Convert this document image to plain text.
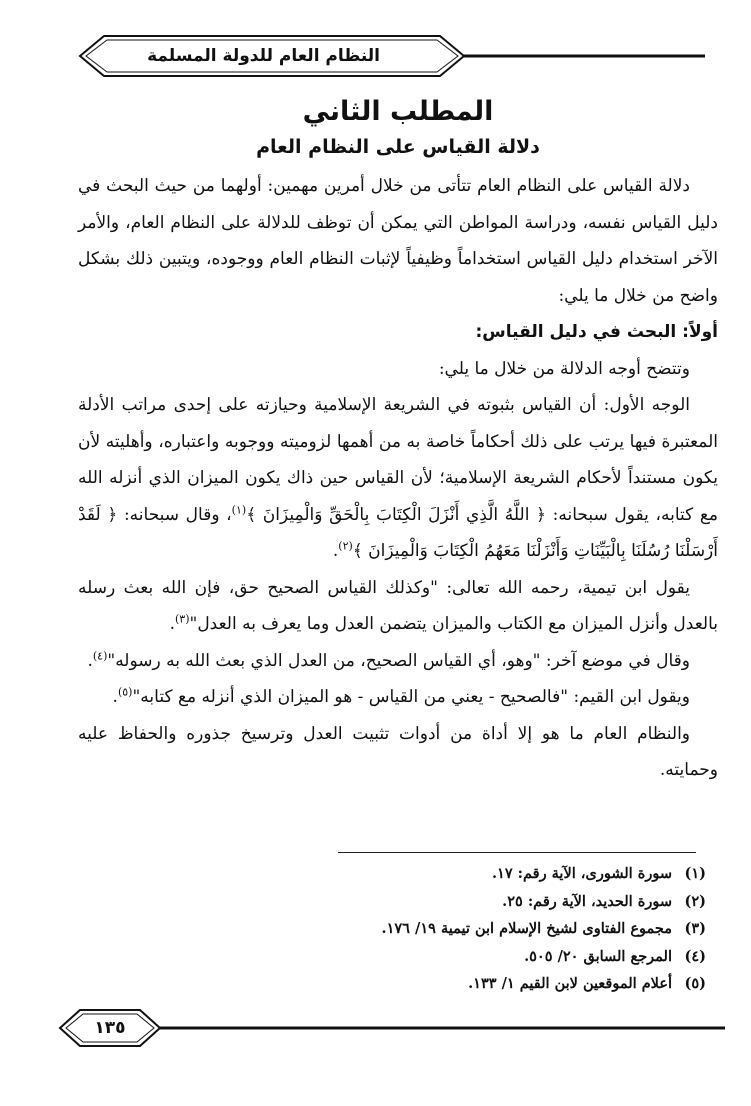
النظام العام للدولة المسلمة
المطلب الثاني
دلالة القياس على النظام العام

دلالة القياس على النظام العام تتأتى من خلال أمرين مهمين: أولهما من حيث البحث في دليل القياس نفسه، ودراسة المواطن التي يمكن أن توظف للدلالة على النظام العام، والأمر الآخر استخدام دليل القياس استخداماً وظيفياً لإثبات النظام العام ووجوده، ويتبين ذلك بشكل واضح من خلال ما يلي:

أولاً: البحث في دليل القياس:

وتتضح أوجه الدلالة من خلال ما يلي:

الوجه الأول: أن القياس بثبوته في الشريعة الإسلامية وحيازته على إحدى مراتب الأدلة المعتبرة فيها يرتب على ذلك أحكاماً خاصة به من أهمها لزوميته ووجوبه واعتباره، وأهليته لأن يكون مستنداً لأحكام الشريعة الإسلامية؛ لأن القياس حين ذاك يكون الميزان الذي أنزله الله مع كتابه، يقول سبحانه: ﴿ اللَّهُ الَّذِي أَنْزَلَ الْكِتَابَ بِالْحَقِّ وَالْمِيزَانَ ﴾$^{(١)}$، وقال سبحانه: ﴿ لَقَدْ أَرْسَلْنَا رُسُلَنَا بِالْبَيِّنَاتِ وَأَنْزَلْنَا مَعَهُمُ الْكِتَابَ وَالْمِيزَانَ ﴾$^{(٢)}$.

يقول ابن تيمية، رحمه الله تعالى: "وكذلك القياس الصحيح حق، فإن الله بعث رسله بالعدل وأنزل الميزان مع الكتاب والميزان يتضمن العدل وما يعرف به العدل"$^{(٣)}$.

وقال في موضع آخر: "وهو، أي القياس الصحيح، من العدل الذي بعث الله به رسوله"$^{(٤)}$.

ويقول ابن القيم: "فالصحيح - يعني من القياس - هو الميزان الذي أنزله مع كتابه"$^{(٥)}$.

والنظام العام ما هو إلا أداة من أدوات تثبيت العدل وترسيخ جذوره والحفاظ عليه وحمايته.

(١)
سورة الشورى، الآية رقم: ١٧.
(٢)
سورة الحديد، الآية رقم: ٢٥.
(٣)
مجموع الفتاوى لشيخ الإسلام ابن تيمية ١٩/ ١٧٦.
(٤)
المرجع السابق ٢٠/ ٥٠٥.
(٥)
أعلام الموقعين لابن القيم ١/ ١٣٣.
١٣٥
